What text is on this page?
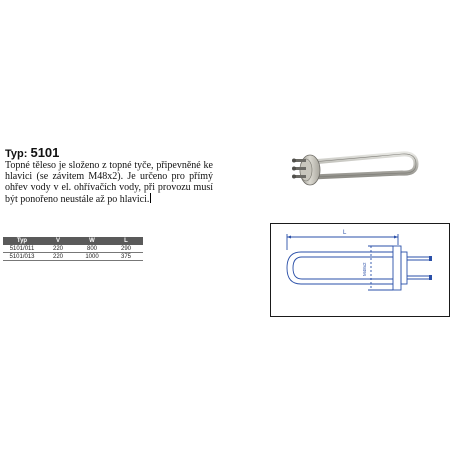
Typ: 5101
Topné těleso je složeno z topné tyče, připevněné ke hlavici (se závitem M48x2). Je určeno pro přímý ohřev vody v el. ohřívačích vody, při provozu musí být ponořeno neustále až po hlavici.
Typ	V	W	L
5101/011	220	800	290
5101/013	220	1000	375
L
M48x2
